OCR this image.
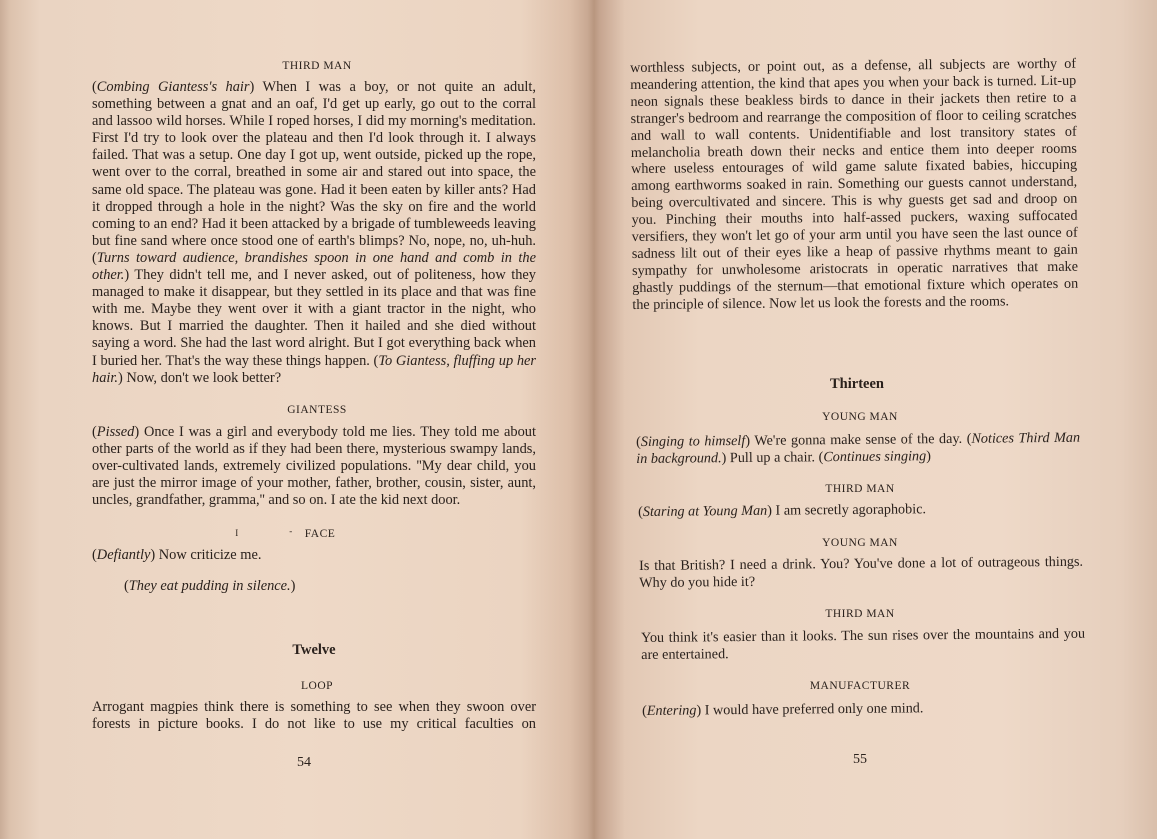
THIRD MAN

(Combing Giantess's hair) When I was a boy, or not quite an adult, something between a gnat and an oaf, I'd get up early, go out to the corral and lassoo wild horses. While I roped horses, I did my morning's meditation. First I'd try to look over the plateau and then I'd look through it. I always failed. That was a setup. One day I got up, went outside, picked up the rope, went over to the corral, breathed in some air and stared out into space, the same old space. The plateau was gone. Had it been eaten by killer ants? Had it dropped through a hole in the night? Was the sky on fire and the world coming to an end? Had it been attacked by a brigade of tumbleweeds leaving but fine sand where once stood one of earth's blimps? No, nope, no, uh-huh. (Turns toward audience, brandishes spoon in one hand and comb in the other.) They didn't tell me, and I never asked, out of politeness, how they managed to make it disappear, but they settled in its place and that was fine with me. Maybe they went over it with a giant tractor in the night, who knows. But I married the daughter. Then it hailed and she died without saying a word. She had the last word alright. But I got everything back when I buried her. That's the way these things happen. (To Giantess, fluffing up her hair.) Now, don't we look better?

GIANTESS

(Pissed) Once I was a girl and everybody told me lies. They told me about other parts of the world as if they had been there, mysterious swampy lands, over-cultivated lands, extremely civilized populations. ''My dear child, you are just the mirror image of your mother, father, brother, cousin, sister, aunt, uncles, grandfather, gramma,'' and so on. I ate the kid next door.

Ι	-	FACE

(Defiantly) Now criticize me.

(They eat pudding in silence.)
Twelve
LOOP

Arrogant magpies think there is something to see when they swoon over forests in picture books. I do not like to use my critical faculties on

54

worthless subjects, or point out, as a defense, all subjects are worthy of meandering attention, the kind that apes you when your back is turned. Lit-up neon signals these beakless birds to dance in their jackets then retire to a stranger's bedroom and rearrange the composition of floor to ceiling scratches and wall to wall contents. Unidentifiable and lost transitory states of melancholia breath down their necks and entice them into deeper rooms where useless entourages of wild game salute fixated babies, hiccuping among earthworms soaked in rain. Something our guests cannot understand, being overcultivated and sincere. This is why guests get sad and droop on you. Pinching their mouths into half-assed puckers, waxing suffocated versifiers, they won't let go of your arm until you have seen the last ounce of sadness lilt out of their eyes like a heap of passive rhythms meant to gain sympathy for unwholesome aristocrats in operatic narratives that make ghastly puddings of the sternum—that emotional fixture which operates on the principle of silence. Now let us look the forests and the rooms.

Thirteen
YOUNG MAN

(Singing to himself) We're gonna make sense of the day. (Notices Third Man in background.) Pull up a chair. (Continues singing)

THIRD MAN

(Staring at Young Man) I am secretly agoraphobic.

YOUNG MAN

Is that British? I need a drink. You? You've done a lot of outrageous things. Why do you hide it?

THIRD MAN

You think it's easier than it looks. The sun rises over the mountains and you are entertained.

MANUFACTURER

(Entering) I would have preferred only one mind.

55
